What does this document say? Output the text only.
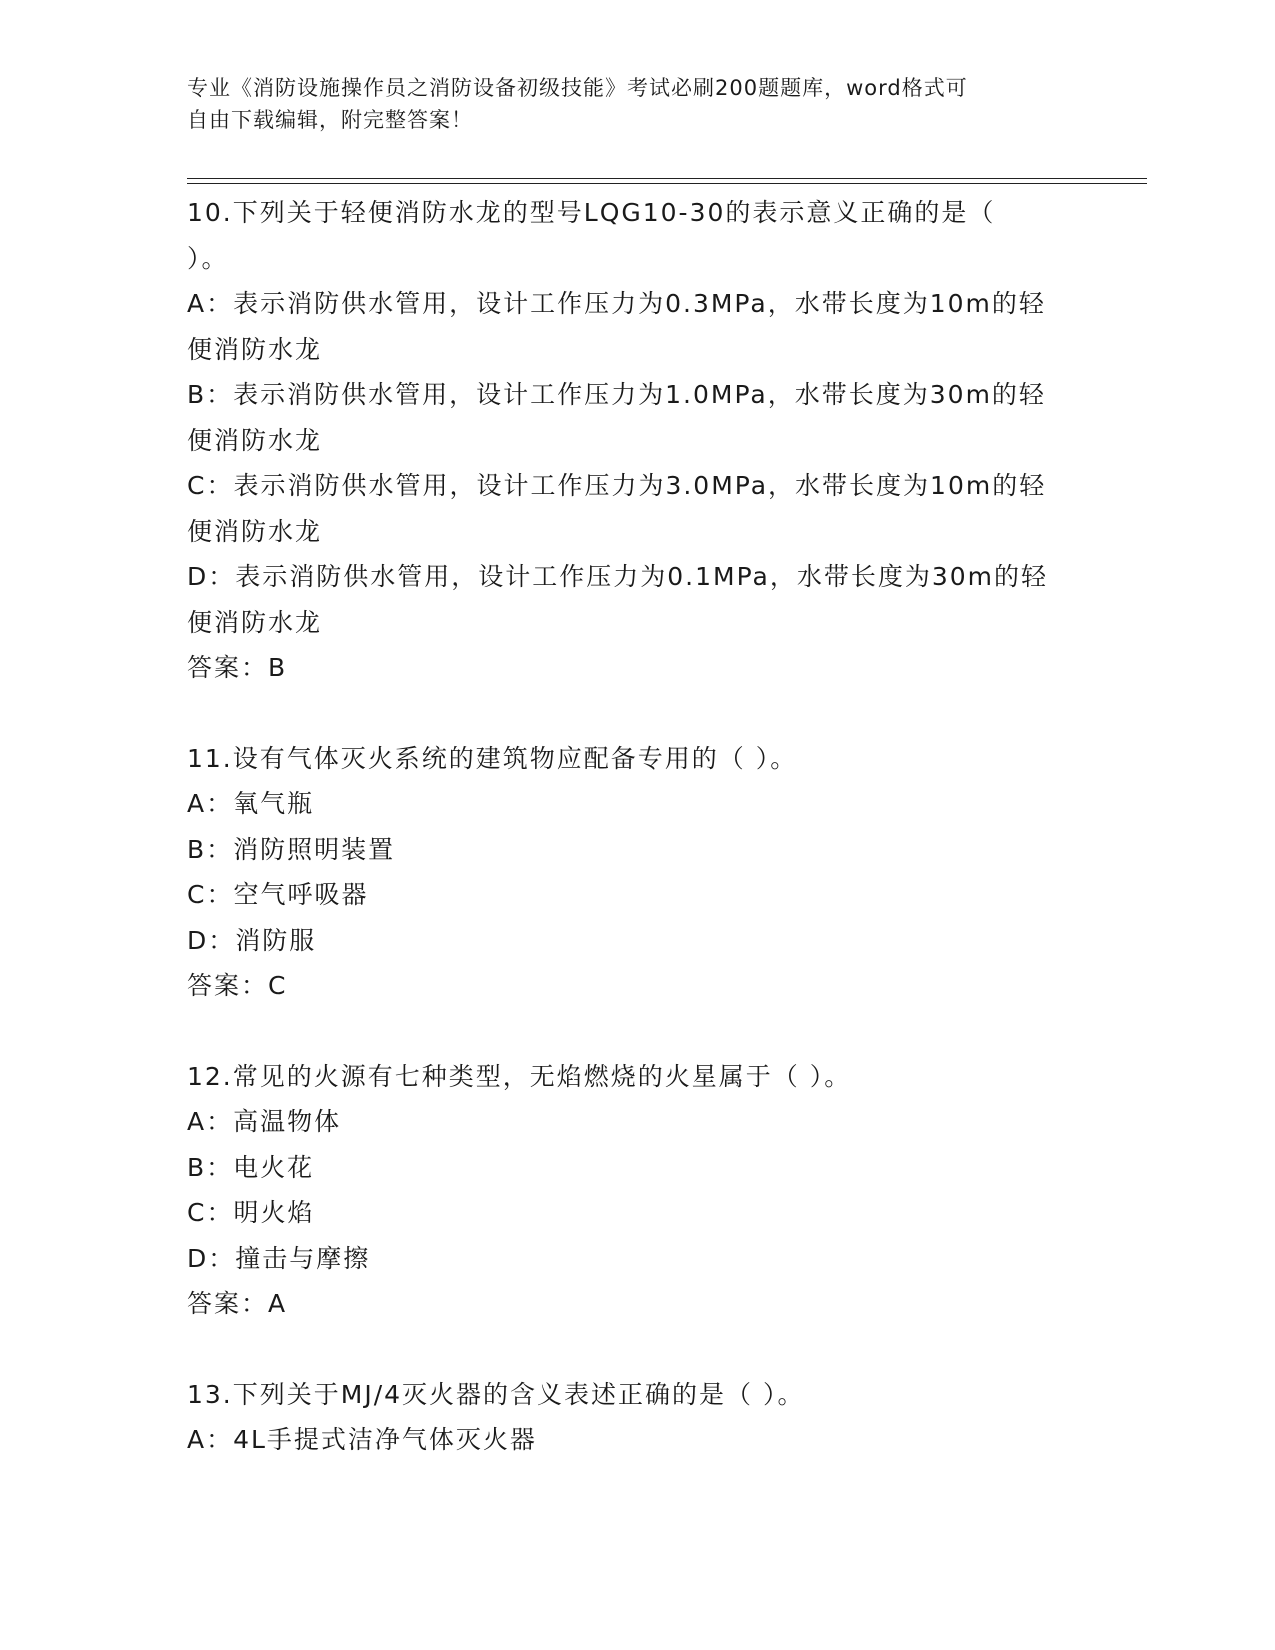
专业《消防设施操作员之消防设备初级技能》考试必刷200题题库，word格式可
自由下载编辑，附完整答案！
10.下列关于轻便消防水龙的型号LQG10-30的表示意义正确的是（
）。
A：表示消防供水管用，设计工作压力为0.3MPa，水带长度为10m的轻
便消防水龙
B：表示消防供水管用，设计工作压力为1.0MPa，水带长度为30m的轻
便消防水龙
C：表示消防供水管用，设计工作压力为3.0MPa，水带长度为10m的轻
便消防水龙
D：表示消防供水管用，设计工作压力为0.1MPa，水带长度为30m的轻
便消防水龙
答案：B
11.设有气体灭火系统的建筑物应配备专用的（ ）。
A：氧气瓶
B：消防照明装置
C：空气呼吸器
D：消防服
答案：C
12.常见的火源有七种类型，无焰燃烧的火星属于（ ）。
A：高温物体
B：电火花
C：明火焰
D：撞击与摩擦
答案：A
13.下列关于MJ/4灭火器的含义表述正确的是（ ）。
A：4L手提式洁净气体灭火器
